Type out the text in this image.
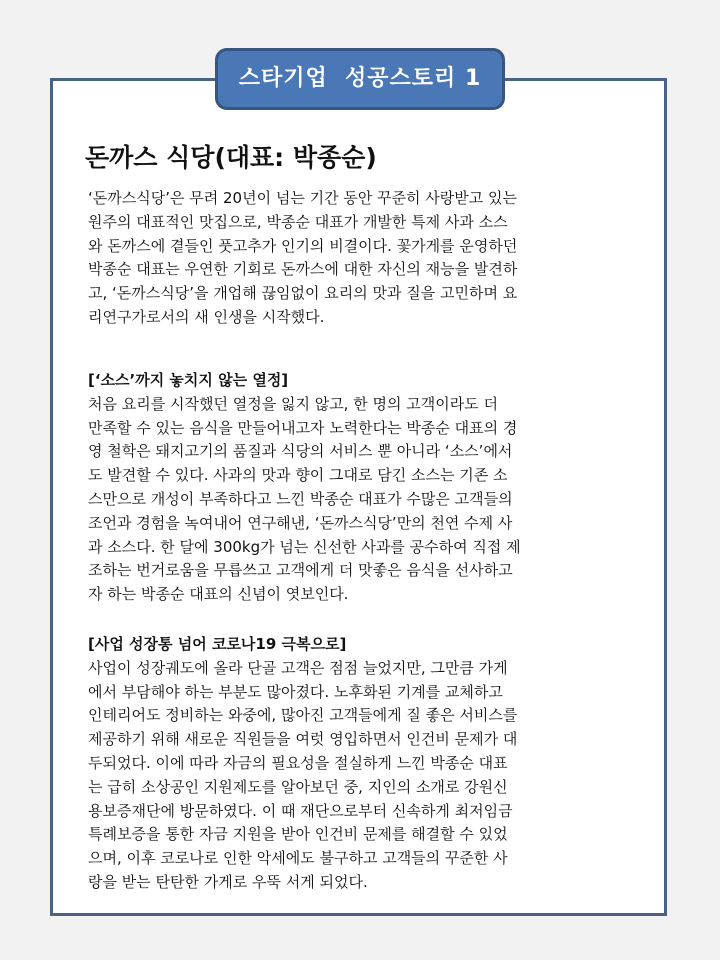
스타기업  성공스토리 1
돈까스 식당(대표: 박종순)
‘돈까스식당’은 무려 20년이 넘는 기간 동안 꾸준히 사랑받고 있는
원주의 대표적인 맛집으로, 박종순 대표가 개발한 특제 사과 소스
와 돈까스에 곁들인 풋고추가 인기의 비결이다. 꽃가게를 운영하던
박종순 대표는 우연한 기회로 돈까스에 대한 자신의 재능을 발견하
고, ‘돈까스식당’을 개업해 끊임없이 요리의 맛과 질을 고민하며 요
리연구가로서의 새 인생을 시작했다.
[‘소스’까지 놓치지 않는 열정]
처음 요리를 시작했던 열정을 잃지 않고, 한 명의 고객이라도 더
만족할 수 있는 음식을 만들어내고자 노력한다는 박종순 대표의 경
영 철학은 돼지고기의 품질과 식당의 서비스 뿐 아니라 ‘소스’에서
도 발견할 수 있다. 사과의 맛과 향이 그대로 담긴 소스는 기존 소
스만으로 개성이 부족하다고 느낀 박종순 대표가 수많은 고객들의
조언과 경험을 녹여내어 연구해낸, ‘돈까스식당’만의 천연 수제 사
과 소스다. 한 달에 300kg가 넘는 신선한 사과를 공수하여 직접 제
조하는 번거로움을 무릅쓰고 고객에게 더 맛좋은 음식을 선사하고
자 하는 박종순 대표의 신념이 엿보인다.
[사업 성장통 넘어 코로나19 극복으로]
사업이 성장궤도에 올라 단골 고객은 점점 늘었지만, 그만큼 가게
에서 부담해야 하는 부분도 많아졌다. 노후화된 기계를 교체하고
인테리어도 정비하는 와중에, 많아진 고객들에게 질 좋은 서비스를
제공하기 위해 새로운 직원들을 여럿 영입하면서 인건비 문제가 대
두되었다. 이에 따라 자금의 필요성을 절실하게 느낀 박종순 대표
는 급히 소상공인 지원제도를 알아보던 중, 지인의 소개로 강원신
용보증재단에 방문하였다. 이 때 재단으로부터 신속하게 최저임금
특례보증을 통한 자금 지원을 받아 인건비 문제를 해결할 수 있었
으며, 이후 코로나로 인한 악세에도 불구하고 고객들의 꾸준한 사
랑을 받는 탄탄한 가게로 우뚝 서게 되었다.
